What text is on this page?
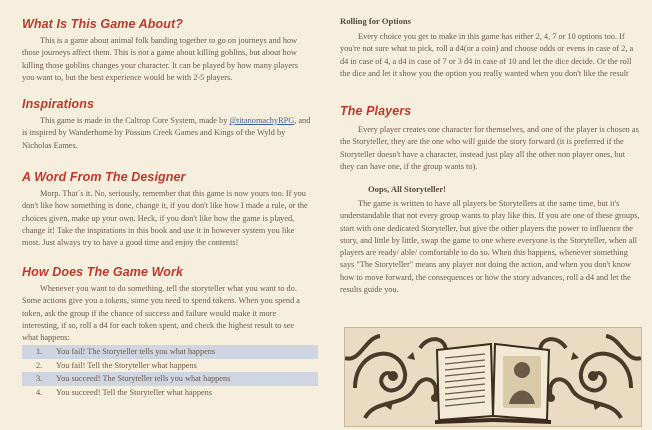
What Is This Game About?

This is a game about animal folk banding together to go on journeys and how those journeys affect them. This is not a game about killing goblins, but about how killing those goblins changes your character. It can be played by how many players you want to, but the best experience would be with 2-5 players.

Inspirations

This game is made in the Caltrop Core System, made by @titanomachyRPG, and is inspired by Wanderhome by Possum Creek Games and Kings of the Wyld by Nicholas Eames.

A Word From The Designer

Morp. That´s it. No, seriously, remember that this game is now yours too. If you don't like how something is done, change it, if you don't like how I made a rule, or the choices given, make up your own. Heck, if you don't like how the game is played, change it! Take the inspirations in this book and use it in however system you like most. Just always try to have a good time and enjoy the contents!

How Does The Game Work

Whenever you want to do something, tell the storyteller what you want to do. Some actions give you a tokens, some you need to spend tokens. When you spend a token, ask the group if the chance of success and failure would make it more interesting, if so, roll a d4 for each token spent, and check the highest result to see what happens:

1. You fail! The Storyteller tells you what happens
2. You fail! Tell the Storyteller what happens
3. You succeed! The Storyteller tells you what happens
4. You succeed! Tell the Storyteller what happens
Rolling for Options

Every choice you get to make in this game has either 2, 4, 7 or 10 options too. If you're not sure what to pick, roll a d4(or a coin) and choose odds or evens in case of 2, a d4 in case of 4, a d4 in case of 7 or 3 d4 in case of 10 and let the dice decide. Or the roll the dice and let it show you the option you really wanted when you don't like the result

The Players

Every player creates one character for themselves, and one of the player is chosen as the Storyteller, they are the one who will guide the story forward (it is preferred if the Storyteller doesn't have a character, instead just play all the other non player ones, but they can have one, if the group wants to).

Oops, All Storyteller!

The game is written to have all players be Storytellers at the same time, but it's understandable that not every group wants to play like this. If you are one of these groups, start with one dedicated Storyteller, but give the other players the power to influence the story, and little by little, swap the game to one where everyone is the Storyteller, when all players are ready/ able/ comfortable to do so. When this happens, whenever something says "The Storyteller" means any player not doing the action, and when you don't know how to move forward, the consequences or how the story advances, roll a d4 and let the results guide you.
